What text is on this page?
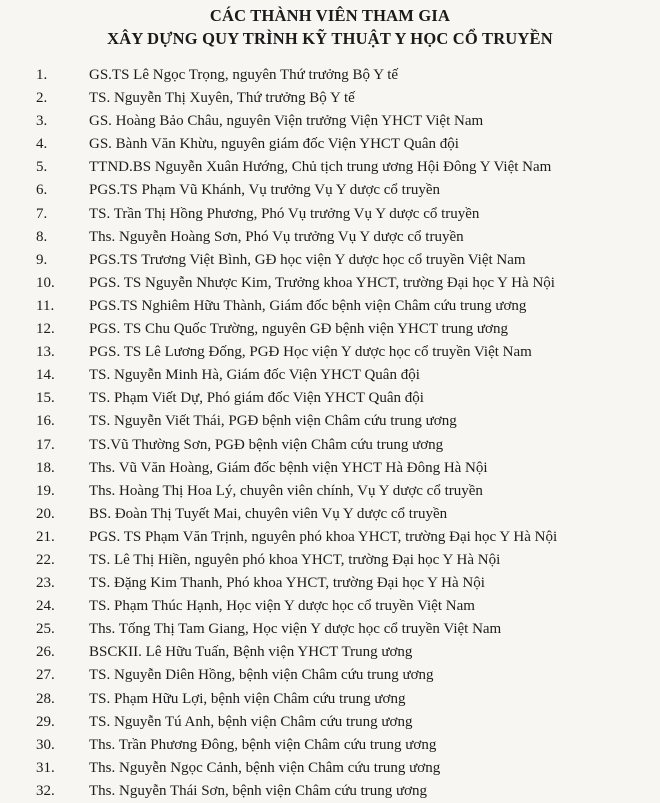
CÁC THÀNH VIÊN THAM GIA
XÂY DỰNG QUY TRÌNH KỸ THUẬT Y HỌC CỔ TRUYỀN
1.	GS.TS Lê Ngọc Trọng, nguyên Thứ trưởng Bộ Y tế
2.	TS. Nguyễn Thị Xuyên, Thứ trưởng Bộ Y tế
3.	GS. Hoàng Bảo Châu, nguyên Viện trưởng Viện YHCT Việt Nam
4.	GS. Bành Văn Khừu, nguyên giám đốc Viện YHCT Quân đội
5.	TTND.BS Nguyễn Xuân Hướng, Chủ tịch trung ương Hội Đông Y Việt Nam
6.	PGS.TS Phạm Vũ Khánh, Vụ trưởng Vụ Y dược cổ truyền
7.	TS. Trần Thị Hồng Phương, Phó Vụ trưởng Vụ Y dược cổ truyền
8.	Ths. Nguyễn Hoàng Sơn, Phó Vụ trưởng Vụ Y dược cổ truyền
9.	PGS.TS Trương Việt Bình, GĐ học viện Y dược học cổ truyền Việt Nam
10.	PGS. TS Nguyễn Nhược Kim, Trưởng khoa YHCT, trường Đại học Y Hà Nội
11.	PGS.TS Nghiêm Hữu Thành, Giám đốc bệnh viện Châm cứu trung ương
12.	PGS. TS Chu Quốc Trường, nguyên GĐ bệnh viện YHCT trung ương
13.	PGS. TS Lê Lương Đống, PGĐ Học viện Y dược học cổ truyền Việt Nam
14.	TS. Nguyễn Minh Hà, Giám đốc Viện YHCT Quân đội
15.	TS. Phạm Viết Dự, Phó giám đốc Viện YHCT Quân đội
16.	TS. Nguyễn Viết Thái, PGĐ bệnh viện Châm cứu trung ương
17.	TS.Vũ Thường Sơn, PGĐ bệnh viện Châm cứu trung ương
18.	Ths. Vũ Văn Hoàng, Giám đốc bệnh viện YHCT Hà Đông Hà Nội
19.	Ths. Hoàng Thị Hoa Lý, chuyên viên chính, Vụ Y dược cổ truyền
20.	BS. Đoàn Thị Tuyết Mai, chuyên viên Vụ Y dược cổ truyền
21.	PGS. TS Phạm Văn Trịnh, nguyên phó khoa YHCT, trường Đại học Y Hà Nội
22.	TS. Lê Thị Hiền, nguyên phó khoa YHCT, trường Đại học Y Hà Nội
23.	TS. Đặng Kim Thanh, Phó khoa YHCT, trường Đại học Y Hà Nội
24.	TS. Phạm Thúc Hạnh, Học viện Y dược học cổ truyền Việt Nam
25.	Ths. Tống Thị Tam Giang, Học viện Y dược học cổ truyền Việt Nam
26.	BSCKII. Lê Hữu Tuấn, Bệnh viện YHCT Trung ương
27.	TS. Nguyễn Diên Hồng, bệnh viện Châm cứu trung ương
28.	TS. Phạm Hữu Lợi, bệnh viện Châm cứu trung ương
29.	TS. Nguyễn Tú Anh, bệnh viện Châm cứu trung ương
30.	Ths. Trần Phương Đông, bệnh viện Châm cứu trung ương
31.	Ths. Nguyễn Ngọc Cảnh, bệnh viện Châm cứu trung ương
32.	Ths. Nguyễn Thái Sơn, bệnh viện Châm cứu trung ương
